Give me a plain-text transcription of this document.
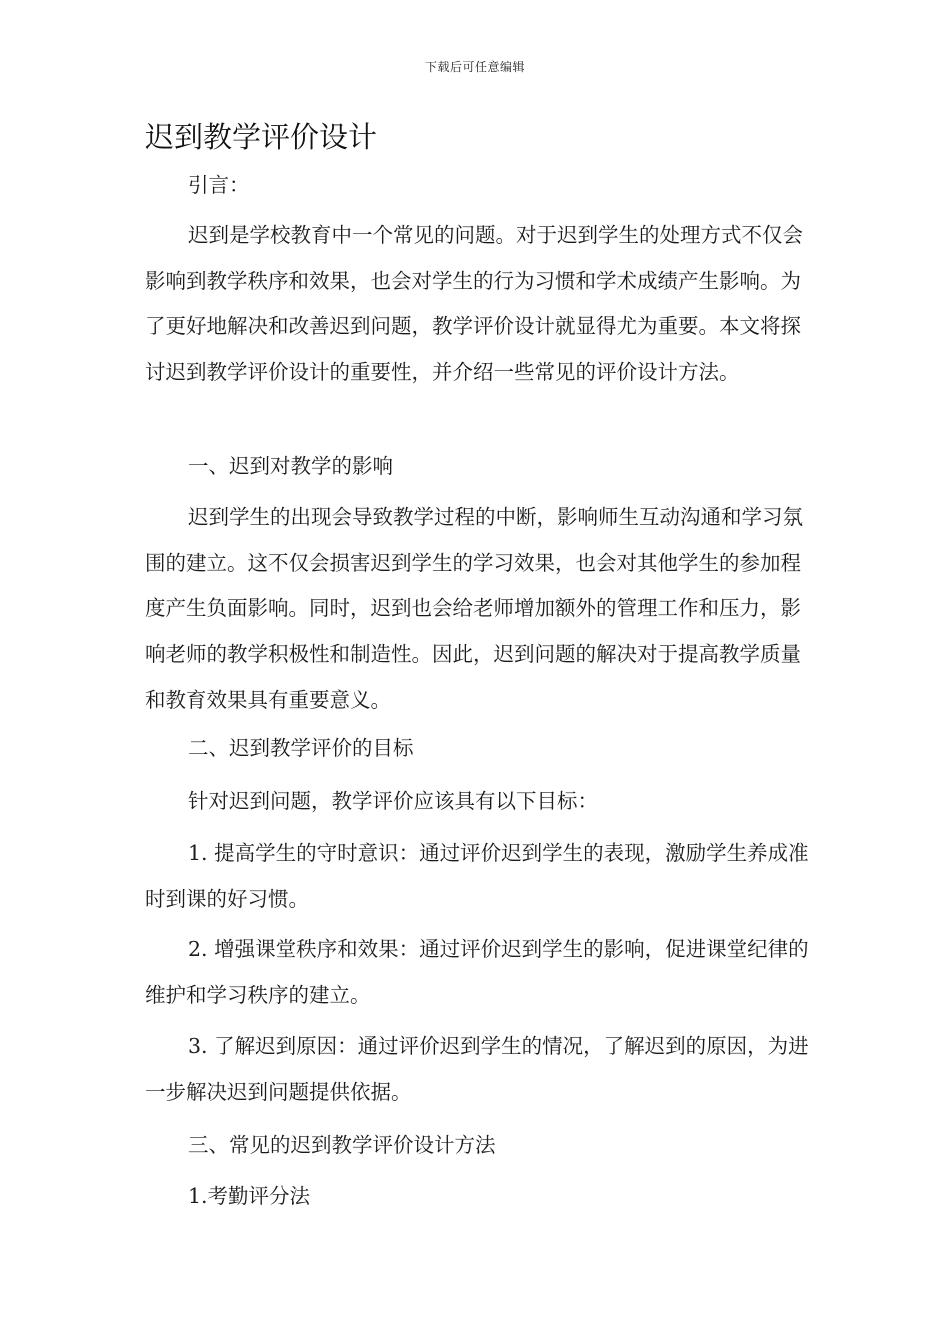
下载后可任意编辑
迟到教学评价设计

引言：

迟到是学校教育中一个常见的问题。对于迟到学生的处理方式不仅会影响到教学秩序和效果，也会对学生的行为习惯和学术成绩产生影响。为了更好地解决和改善迟到问题，教学评价设计就显得尤为重要。本文将探讨迟到教学评价设计的重要性，并介绍一些常见的评价设计方法。

一、迟到对教学的影响

迟到学生的出现会导致教学过程的中断，影响师生互动沟通和学习氛围的建立。这不仅会损害迟到学生的学习效果，也会对其他学生的参加程度产生负面影响。同时，迟到也会给老师增加额外的管理工作和压力，影响老师的教学积极性和制造性。因此，迟到问题的解决对于提高教学质量和教育效果具有重要意义。

二、迟到教学评价的目标

针对迟到问题，教学评价应该具有以下目标：

1. 提高学生的守时意识：通过评价迟到学生的表现，激励学生养成准时到课的好习惯。

2. 增强课堂秩序和效果：通过评价迟到学生的影响，促进课堂纪律的维护和学习秩序的建立。

3. 了解迟到原因：通过评价迟到学生的情况，了解迟到的原因，为进一步解决迟到问题提供依据。

三、常见的迟到教学评价设计方法

1.考勤评分法
